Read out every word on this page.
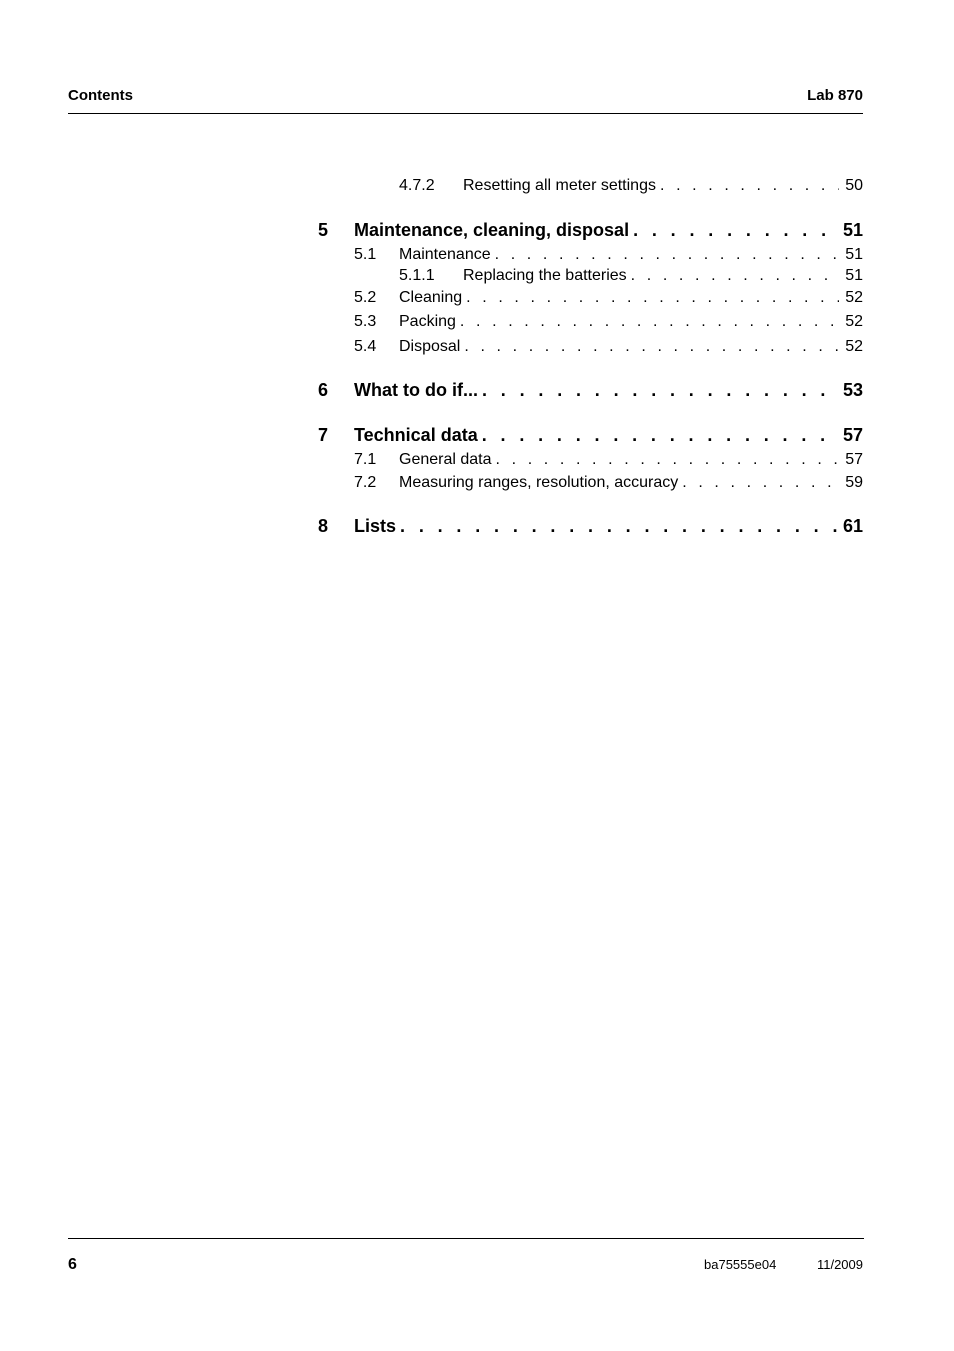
Contents	Lab 870
4.7.2	Resetting all meter settings . . .	50
5	Maintenance, cleaning, disposal . . .	51
5.1	Maintenance . . .	51
5.1.1	Replacing the batteries . . .	51
5.2	Cleaning . . .	52
5.3	Packing . . .	52
5.4	Disposal . . .	52
6	What to do if... . . .	53
7	Technical data . . .	57
7.1	General data . . .	57
7.2	Measuring ranges, resolution, accuracy . . .	59
8	Lists . . .	61
6	ba75555e04	11/2009
